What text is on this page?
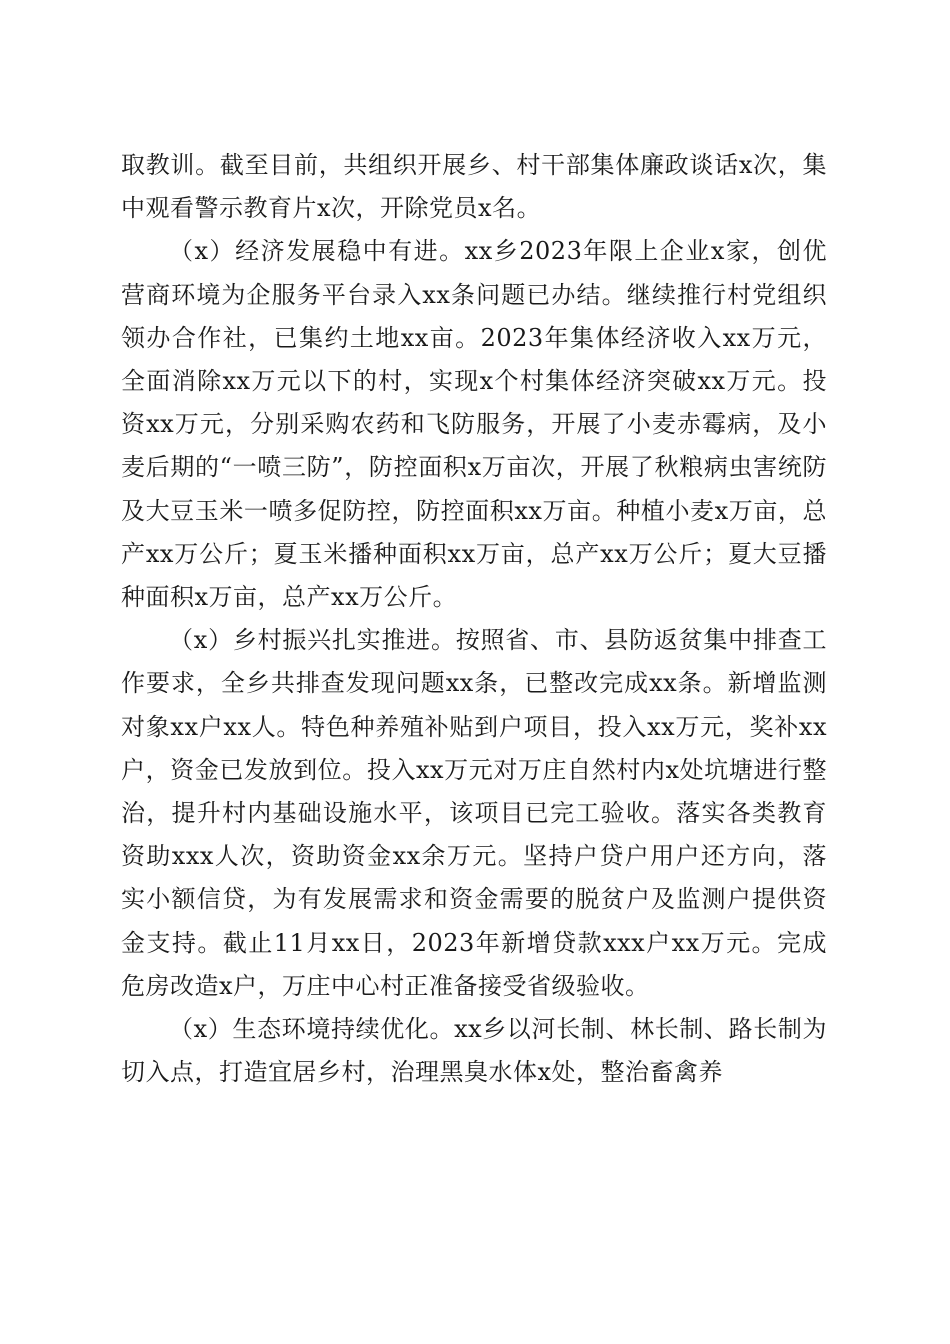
取教训。截至目前，共组织开展乡、村干部集体廉政谈话x次，集中观看警示教育片x次，开除党员x名。

（x）经济发展稳中有进。xx乡2023年限上企业x家，创优营商环境为企服务平台录入xx条问题已办结。继续推行村党组织领办合作社，已集约土地xx亩。2023年集体经济收入xx万元，全面消除xx万元以下的村，实现x个村集体经济突破xx万元。投资xx万元，分别采购农药和飞防服务，开展了小麦赤霉病，及小麦后期的“一喷三防”，防控面积x万亩次，开展了秋粮病虫害统防及大豆玉米一喷多促防控，防控面积xx万亩。种植小麦x万亩，总产xx万公斤；夏玉米播种面积xx万亩，总产xx万公斤；夏大豆播种面积x万亩，总产xx万公斤。

（x）乡村振兴扎实推进。按照省、市、县防返贫集中排查工作要求，全乡共排查发现问题xx条，已整改完成xx条。新增监测对象xx户xx人。特色种养殖补贴到户项目，投入xx万元，奖补xx户，资金已发放到位。投入xx万元对万庄自然村内x处坑塘进行整治，提升村内基础设施水平，该项目已完工验收。落实各类教育资助xxx人次，资助资金xx余万元。坚持户贷户用户还方向，落实小额信贷，为有发展需求和资金需要的脱贫户及监测户提供资金支持。截止11月xx日，2023年新增贷款xxx户xx万元。完成危房改造x户，万庄中心村正准备接受省级验收。

（x）生态环境持续优化。xx乡以河长制、林长制、路长制为切入点，打造宜居乡村，治理黑臭水体x处，整治畜禽养
